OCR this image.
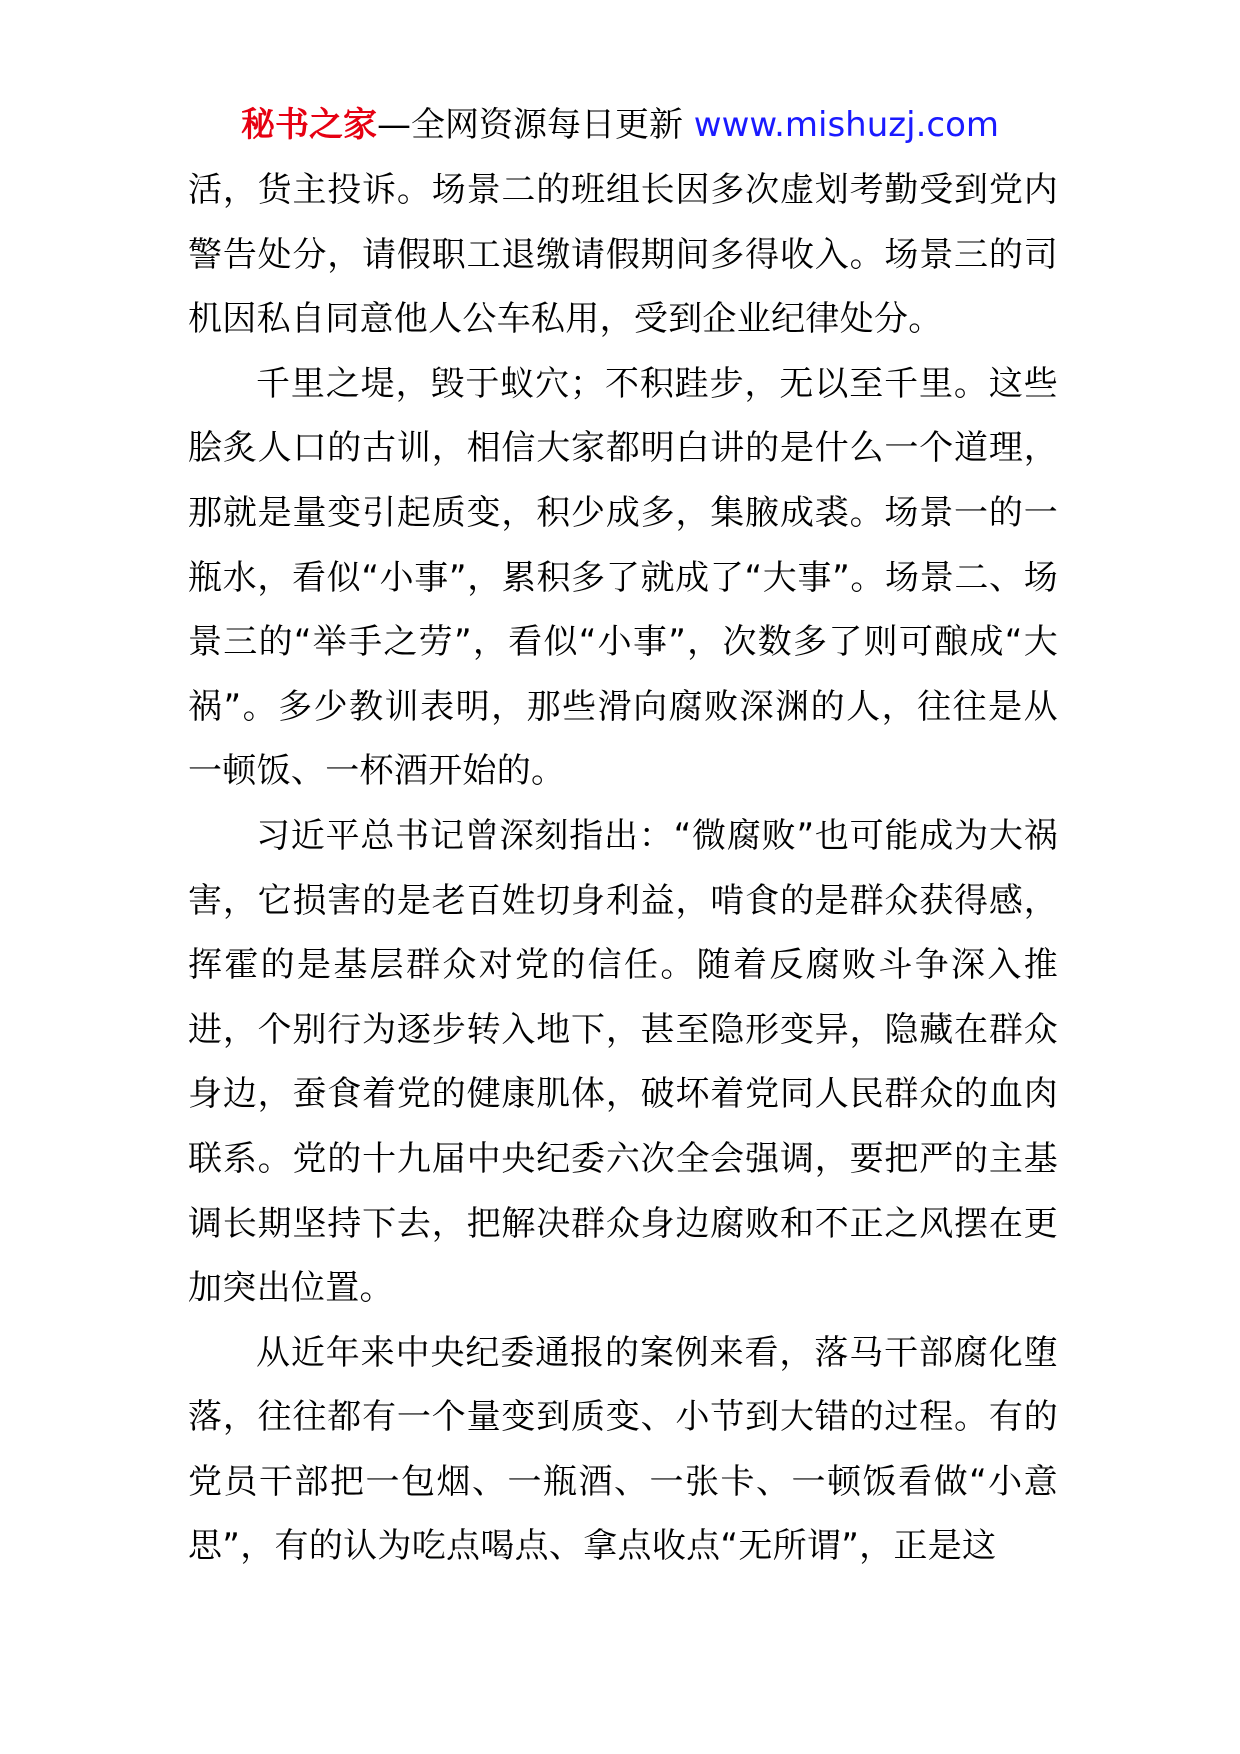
秘书之家—全网资源每日更新 www.mishuzj.com

活，货主投诉。场景二的班组长因多次虚划考勤受到党内警告处分，请假职工退缴请假期间多得收入。场景三的司机因私自同意他人公车私用，受到企业纪律处分。

千里之堤，毁于蚁穴；不积跬步，无以至千里。这些脍炙人口的古训，相信大家都明白讲的是什么一个道理，那就是量变引起质变，积少成多，集腋成裘。场景一的一瓶水，看似“小事”，累积多了就成了“大事”。场景二、场景三的“举手之劳”，看似“小事”，次数多了则可酿成“大祸”。多少教训表明，那些滑向腐败深渊的人，往往是从一顿饭、一杯酒开始的。

习近平总书记曾深刻指出：“微腐败”也可能成为大祸害，它损害的是老百姓切身利益，啃食的是群众获得感，挥霍的是基层群众对党的信任。随着反腐败斗争深入推进，个别行为逐步转入地下，甚至隐形变异，隐藏在群众身边，蚕食着党的健康肌体，破坏着党同人民群众的血肉联系。党的十九届中央纪委六次全会强调，要把严的主基调长期坚持下去，把解决群众身边腐败和不正之风摆在更加突出位置。

从近年来中央纪委通报的案例来看，落马干部腐化堕落，往往都有一个量变到质变、小节到大错的过程。有的党员干部把一包烟、一瓶酒、一张卡、一顿饭看做“小意思”，有的认为吃点喝点、拿点收点“无所谓”，正是这
